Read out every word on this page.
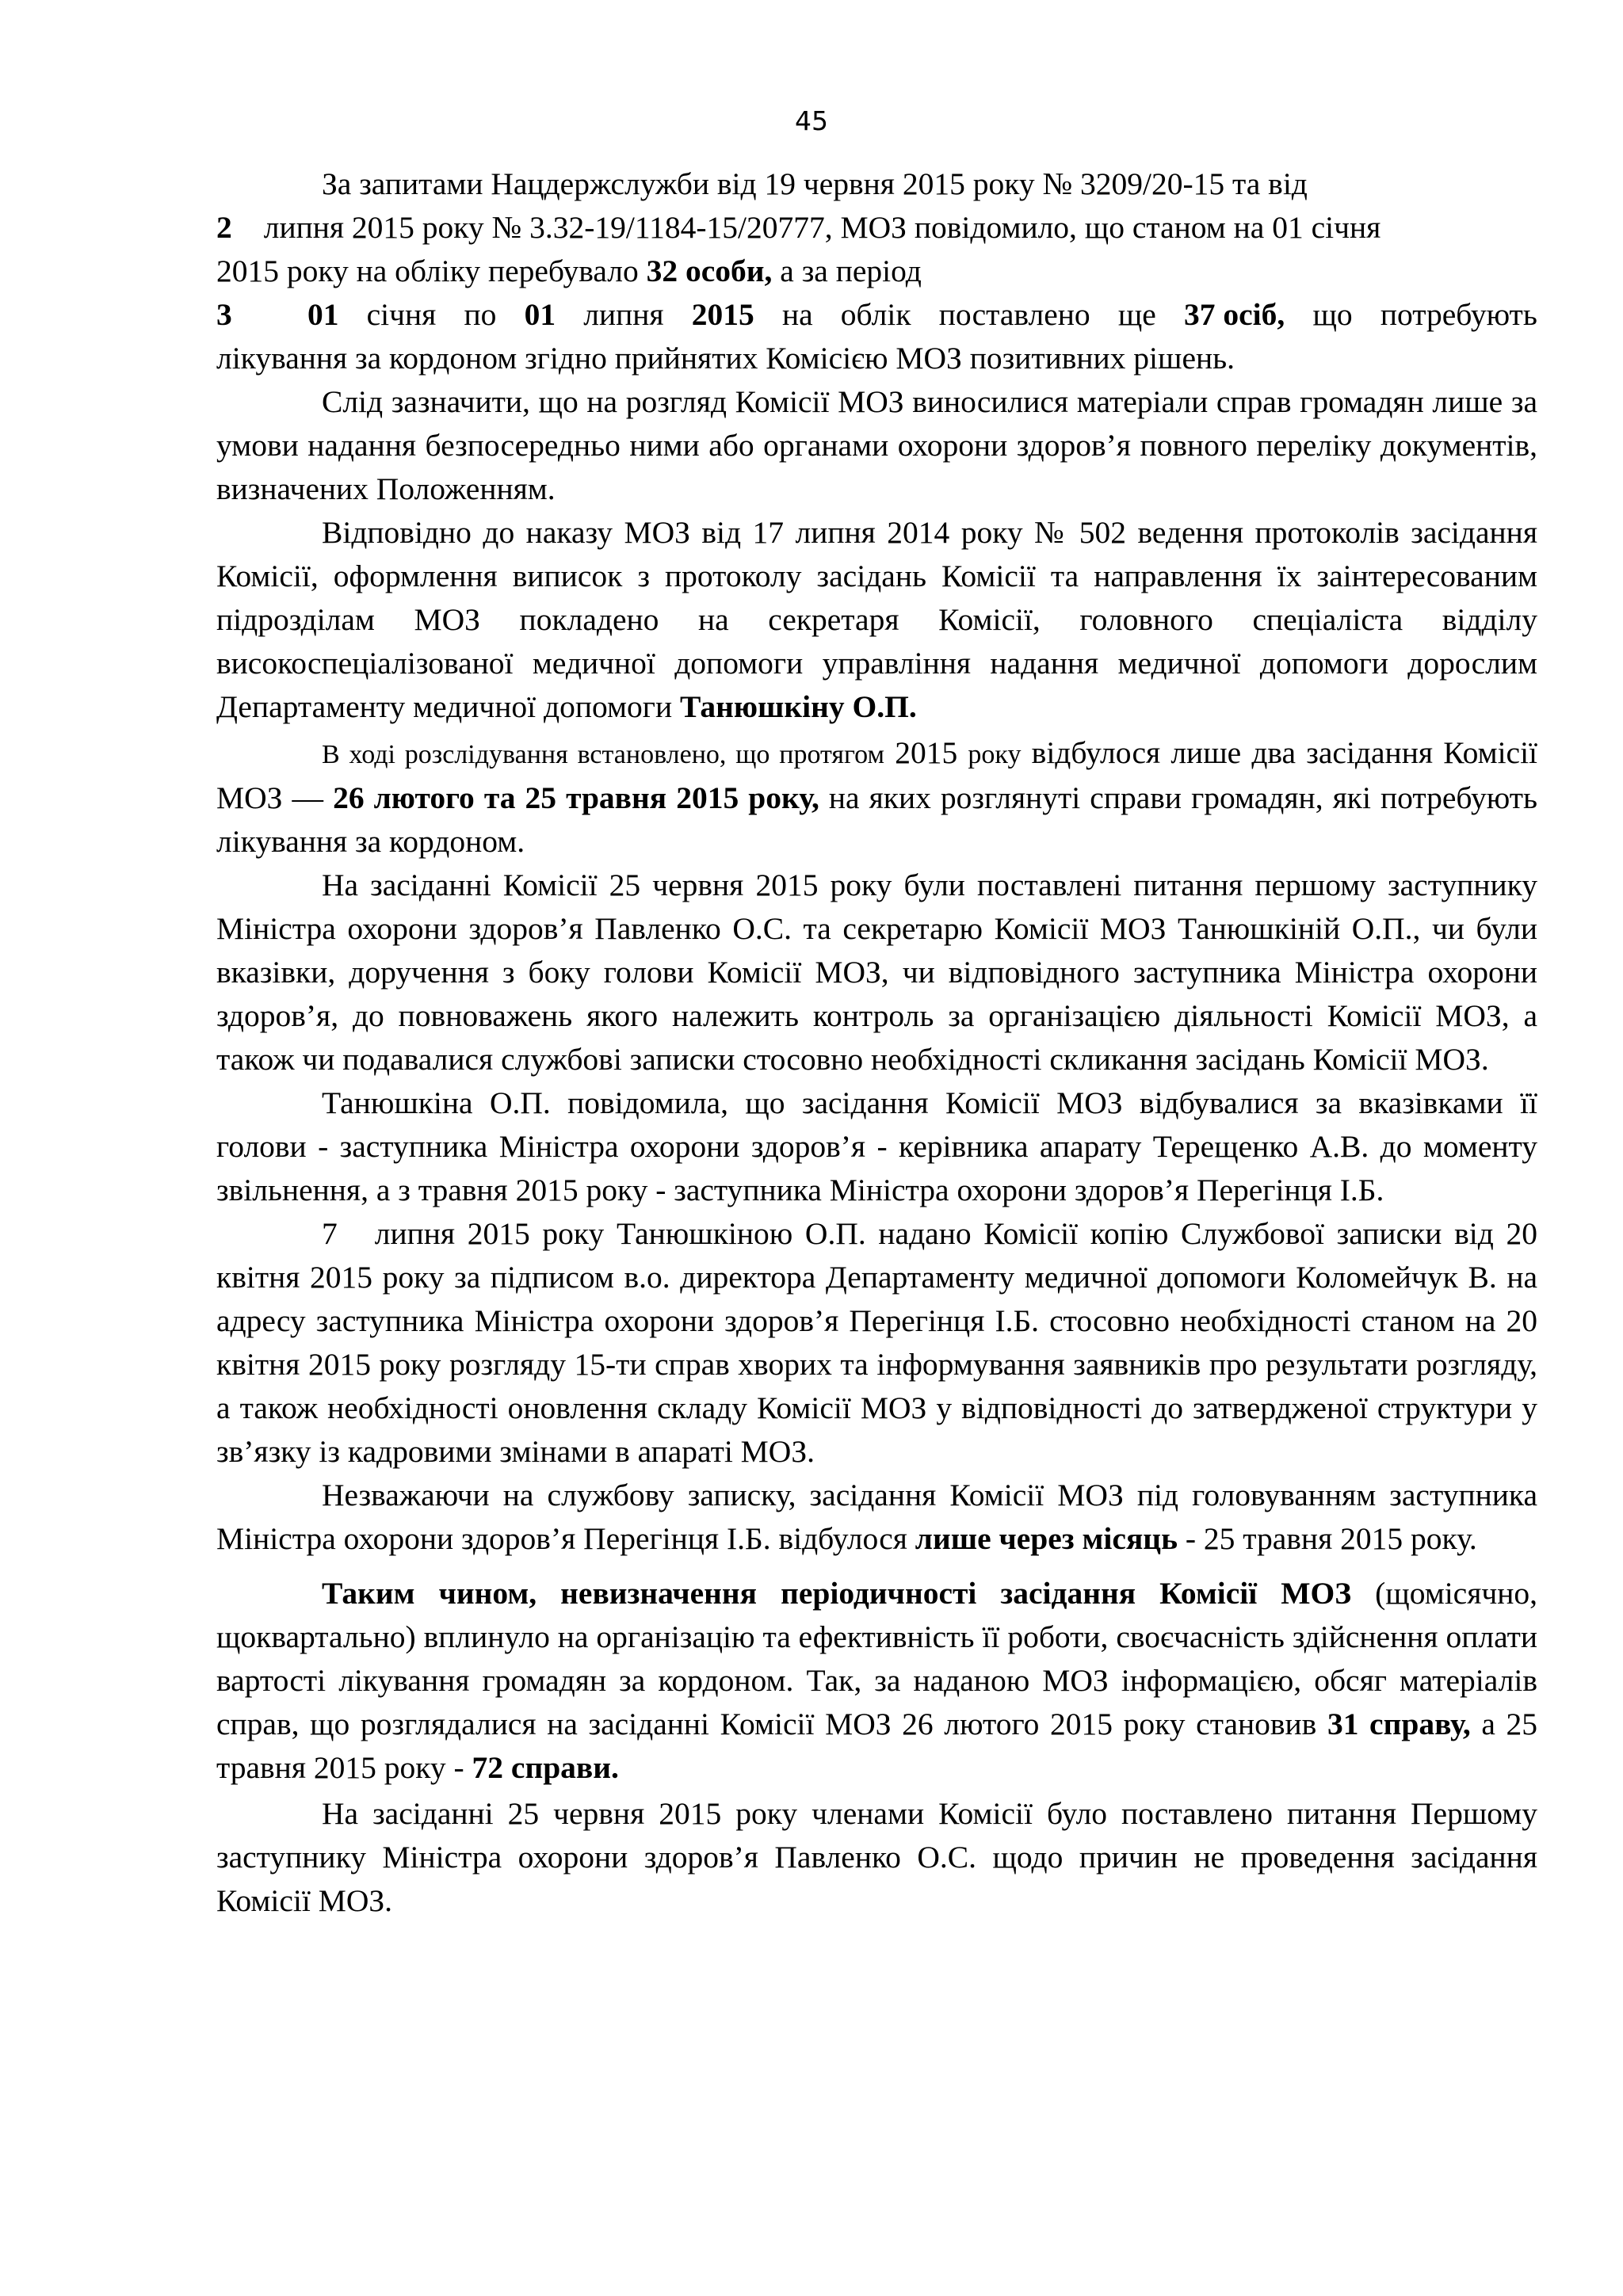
45
За запитами Нацдержслужби від 19 червня 2015 року № 3209/20-15 та від
2 липня 2015 року № 3.32-19/1184-15/20777, МОЗ повідомило, що станом на 01 січня
2015 року на обліку перебувало 32 особи, а за період
3 01 січня по 01 липня 2015 на облік поставлено ще 37 осіб, що потребують
лікування за кордоном згідно прийнятих Комісією МОЗ позитивних рішень.

Слід зазначити, що на розгляд Комісії МОЗ виносилися матеріали справ громадян лише за умови надання безпосередньо ними або органами охорони здоров’я повного переліку документів, визначених Положенням.

Відповідно до наказу МОЗ від 17 липня 2014 року № 502 ведення протоколів засідання Комісії, оформлення виписок з протоколу засідань Комісії та направлення їх заінтересованим підрозділам МОЗ покладено на секретаря Комісії, головного спеціаліста відділу високоспеціалізованої медичної допомоги управління надання медичної допомоги дорослим Департаменту медичної допомоги Танюшкіну О.П.

В ході розслідування встановлено, що протягом 2015 року відбулося лише два засідання Комісії МОЗ — 26 лютого та 25 травня 2015 року, на яких розглянуті справи громадян, які потребують лікування за кордоном.

На засіданні Комісії 25 червня 2015 року були поставлені питання першому заступнику Міністра охорони здоров’я Павленко О.С. та секретарю Комісії МОЗ Танюшкіній О.П., чи були вказівки, доручення з боку голови Комісії МОЗ, чи відповідного заступника Міністра охорони здоров’я, до повноважень якого належить контроль за організацією діяльності Комісії МОЗ, а також чи подавалися службові записки стосовно необхідності скликання засідань Комісії МОЗ.

Танюшкіна О.П. повідомила, що засідання Комісії МОЗ відбувалися за вказівками її голови - заступника Міністра охорони здоров’я - керівника апарату Терещенко А.В. до моменту звільнення, а з травня 2015 року - заступника Міністра охорони здоров’я Перегінця І.Б.

7   липня 2015 року Танюшкіною О.П. надано Комісії копію Службової записки від 20 квітня 2015 року за підписом в.о. директора Департаменту медичної допомоги Коломейчук В. на адресу заступника Міністра охорони здоров’я Перегінця І.Б. стосовно необхідності станом на 20 квітня 2015 року розгляду 15-ти справ хворих та інформування заявників про результати розгляду, а також необхідності оновлення складу Комісії МОЗ у відповідності до затвердженої структури у зв’язку із кадровими змінами в апараті МОЗ.

Незважаючи на службову записку, засідання Комісії МОЗ під головуванням заступника Міністра охорони здоров’я Перегінця І.Б. відбулося лише через місяць - 25 травня 2015 року.

Таким чином, невизначення періодичності засідання Комісії МОЗ (щомісячно, щоквартально) вплинуло на організацію та ефективність її роботи, своєчасність здійснення оплати вартості лікування громадян за кордоном. Так, за наданою МОЗ інформацією, обсяг матеріалів справ, що розглядалися на засіданні Комісії МОЗ 26 лютого 2015 року становив 31 справу, а 25 травня 2015 року - 72 справи.

На засіданні 25 червня 2015 року членами Комісії було поставлено питання Першому заступнику Міністра охорони здоров’я Павленко О.С. щодо причин не проведення засідання Комісії МОЗ.
